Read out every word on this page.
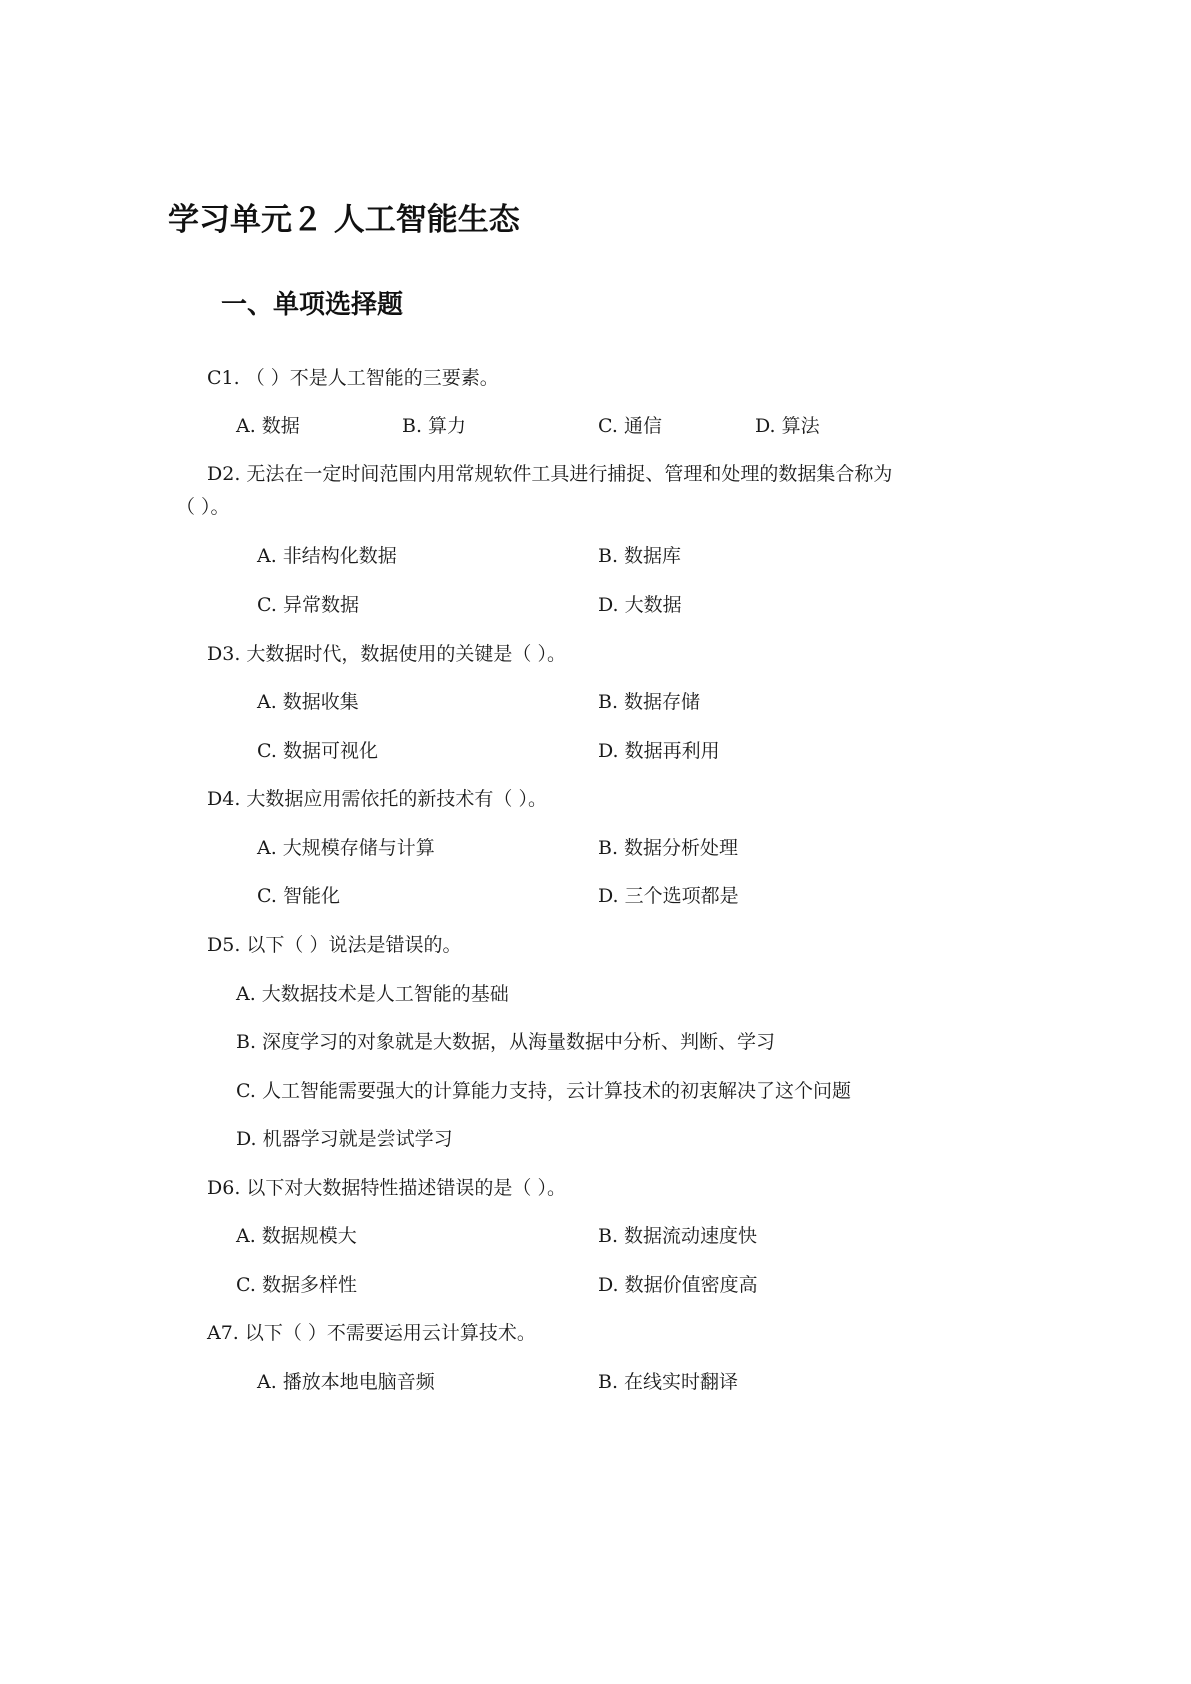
学习单元２ 人工智能生态
一、单项选择题
C1. （ ）不是人工智能的三要素。
A. 数据	B. 算力	C. 通信	D. 算法
D2. 无法在一定时间范围内用常规软件工具进行捕捉、管理和处理的数据集合称为
（ ）。
A. 非结构化数据	B. 数据库
C. 异常数据	D. 大数据
D3. 大数据时代，数据使用的关键是（ ）。
A. 数据收集	B. 数据存储
C. 数据可视化	D. 数据再利用
D4. 大数据应用需依托的新技术有（ ）。
A. 大规模存储与计算	B. 数据分析处理
C. 智能化	D. 三个选项都是
D5. 以下（ ）说法是错误的。
A. 大数据技术是人工智能的基础
B. 深度学习的对象就是大数据，从海量数据中分析、判断、学习
C. 人工智能需要强大的计算能力支持，云计算技术的初衷解决了这个问题
D. 机器学习就是尝试学习
D6. 以下对大数据特性描述错误的是（ ）。
A. 数据规模大	B. 数据流动速度快
C. 数据多样性	D. 数据价值密度高
A7. 以下（ ）不需要运用云计算技术。
A. 播放本地电脑音频	B. 在线实时翻译
